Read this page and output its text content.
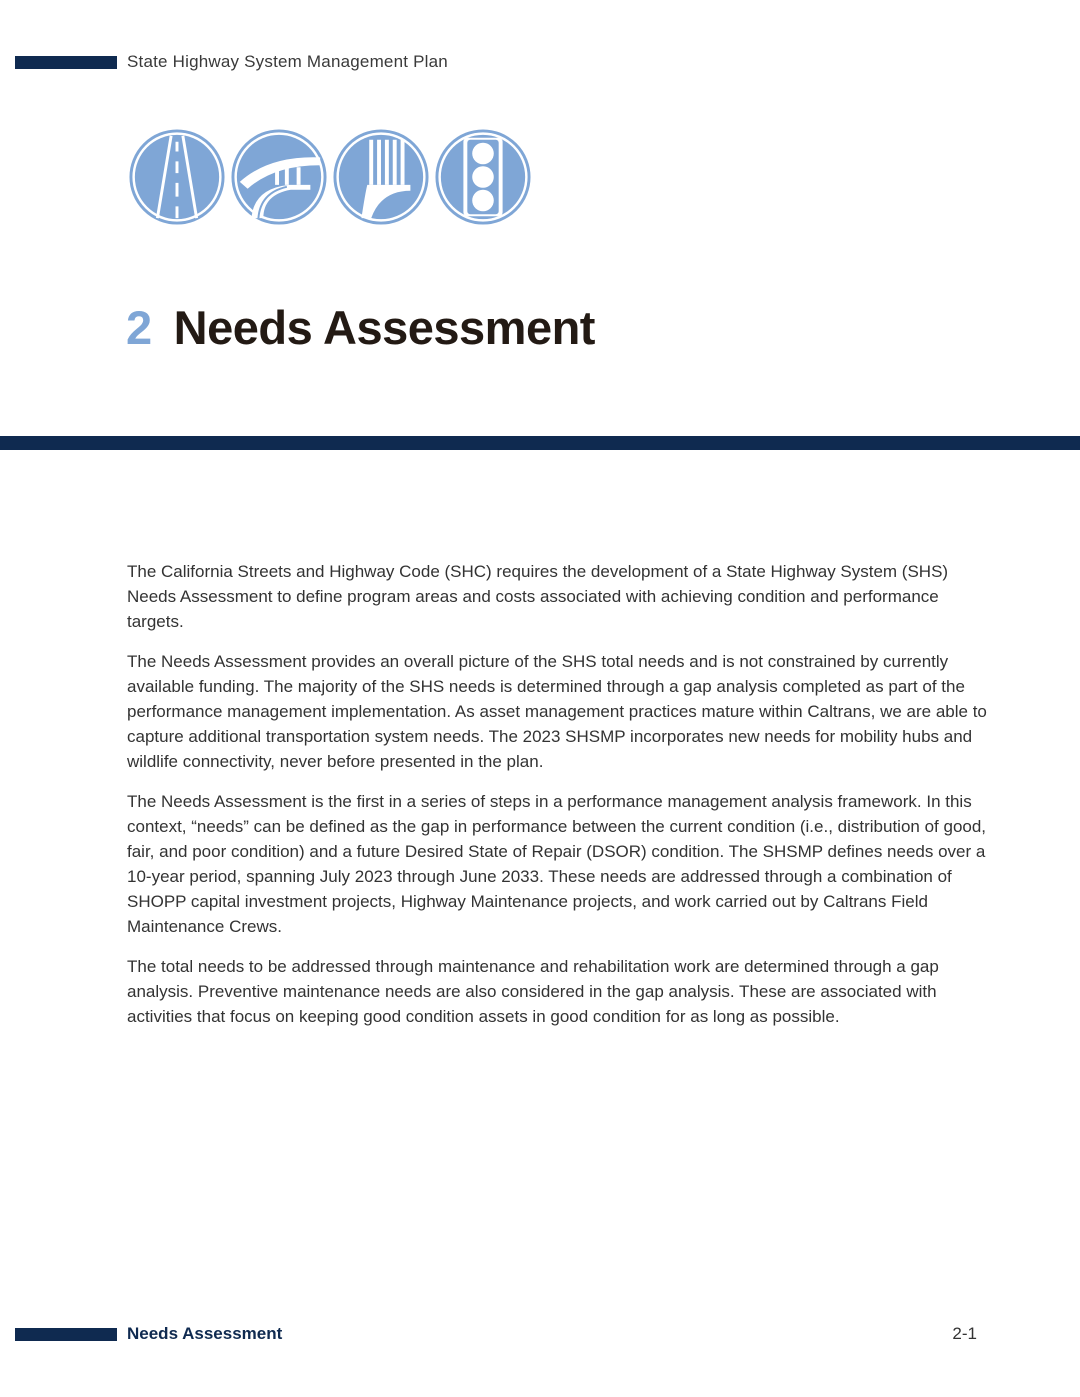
State Highway System Management Plan
2 Needs Assessment

The California Streets and Highway Code (SHC) requires the development of a State Highway System (SHS) Needs Assessment to define program areas and costs associated with achieving condition and performance targets.

The Needs Assessment provides an overall picture of the SHS total needs and is not constrained by currently available funding. The majority of the SHS needs is determined through a gap analysis completed as part of the performance management implementation. As asset management practices mature within Caltrans, we are able to capture additional transportation system needs. The 2023 SHSMP incorporates new needs for mobility hubs and wildlife connectivity, never before presented in the plan.

The Needs Assessment is the first in a series of steps in a performance management analysis framework. In this context, “needs” can be defined as the gap in performance between the current condition (i.e., distribution of good, fair, and poor condition) and a future Desired State of Repair (DSOR) condition. The SHSMP defines needs over a 10-year period, spanning July 2023 through June 2033. These needs are addressed through a combination of SHOPP capital investment projects, Highway Maintenance projects, and work carried out by Caltrans Field Maintenance Crews.

The total needs to be addressed through maintenance and rehabilitation work are determined through a gap analysis. Preventive maintenance needs are also considered in the gap analysis. These are associated with activities that focus on keeping good condition assets in good condition for as long as possible.

Needs Assessment	2-1
